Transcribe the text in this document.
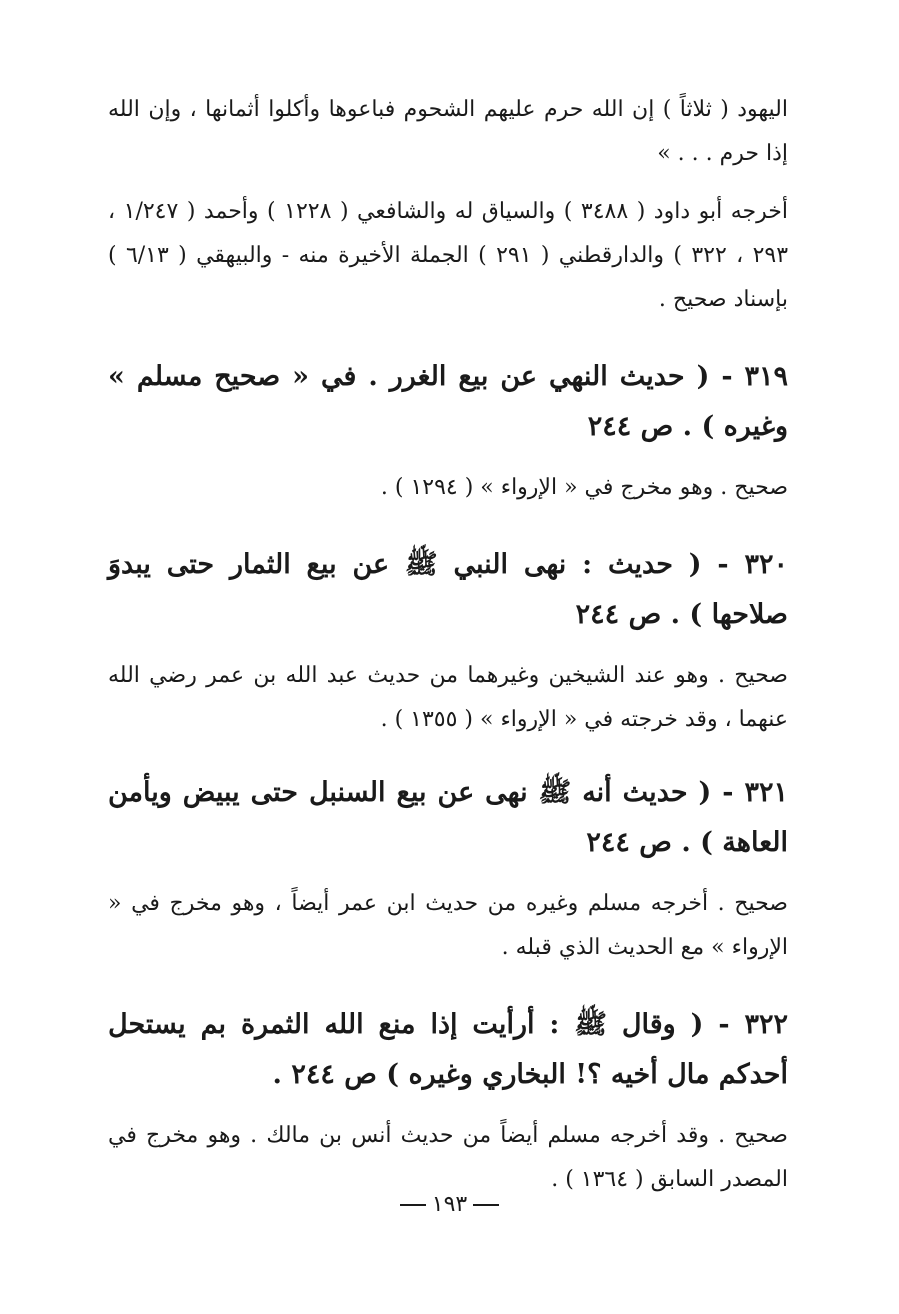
اليهود ( ثلاثاً ) إن الله حرم عليهم الشحوم فباعوها وأكلوا أثمانها ، وإن الله إذا حرم . . . »

أخرجه أبو داود ( ٣٤٨٨ ) والسياق له والشافعي ( ١٢٢٨ ) وأحمد ( ١/٢٤٧ ، ٢٩٣ ، ٣٢٢ ) والدارقطني ( ٢٩١ ) الجملة الأخيرة منه - والبيهقي ( ٦/١٣ ) بإسناد صحيح .

٣١٩ - ( حديث النهي عن بيع الغرر . في « صحيح مسلم » وغيره ) . ص ٢٤٤

صحيح . وهو مخرج في « الإرواء » ( ١٢٩٤ ) .

٣٢٠ - ( حديث : نهى النبي ﷺ عن بيع الثمار حتى يبدوَ صلاحها ) . ص ٢٤٤

صحيح . وهو عند الشيخين وغيرهما من حديث عبد الله بن عمر رضي الله عنهما ، وقد خرجته في « الإرواء » ( ١٣٥٥ ) .

٣٢١ - ( حديث أنه ﷺ نهى عن بيع السنبل حتى يبيض ويأمن العاهة ) . ص ٢٤٤

صحيح . أخرجه مسلم وغيره من حديث ابن عمر أيضاً ، وهو مخرج في « الإرواء » مع الحديث الذي قبله .

٣٢٢ - ( وقال ﷺ : أرأيت إذا منع الله الثمرة بم يستحل أحدكم مال أخيه ؟! البخاري وغيره ) ص ٢٤٤ .

صحيح . وقد أخرجه مسلم أيضاً من حديث أنس بن مالك . وهو مخرج في المصدر السابق ( ١٣٦٤ ) .

١٩٣
